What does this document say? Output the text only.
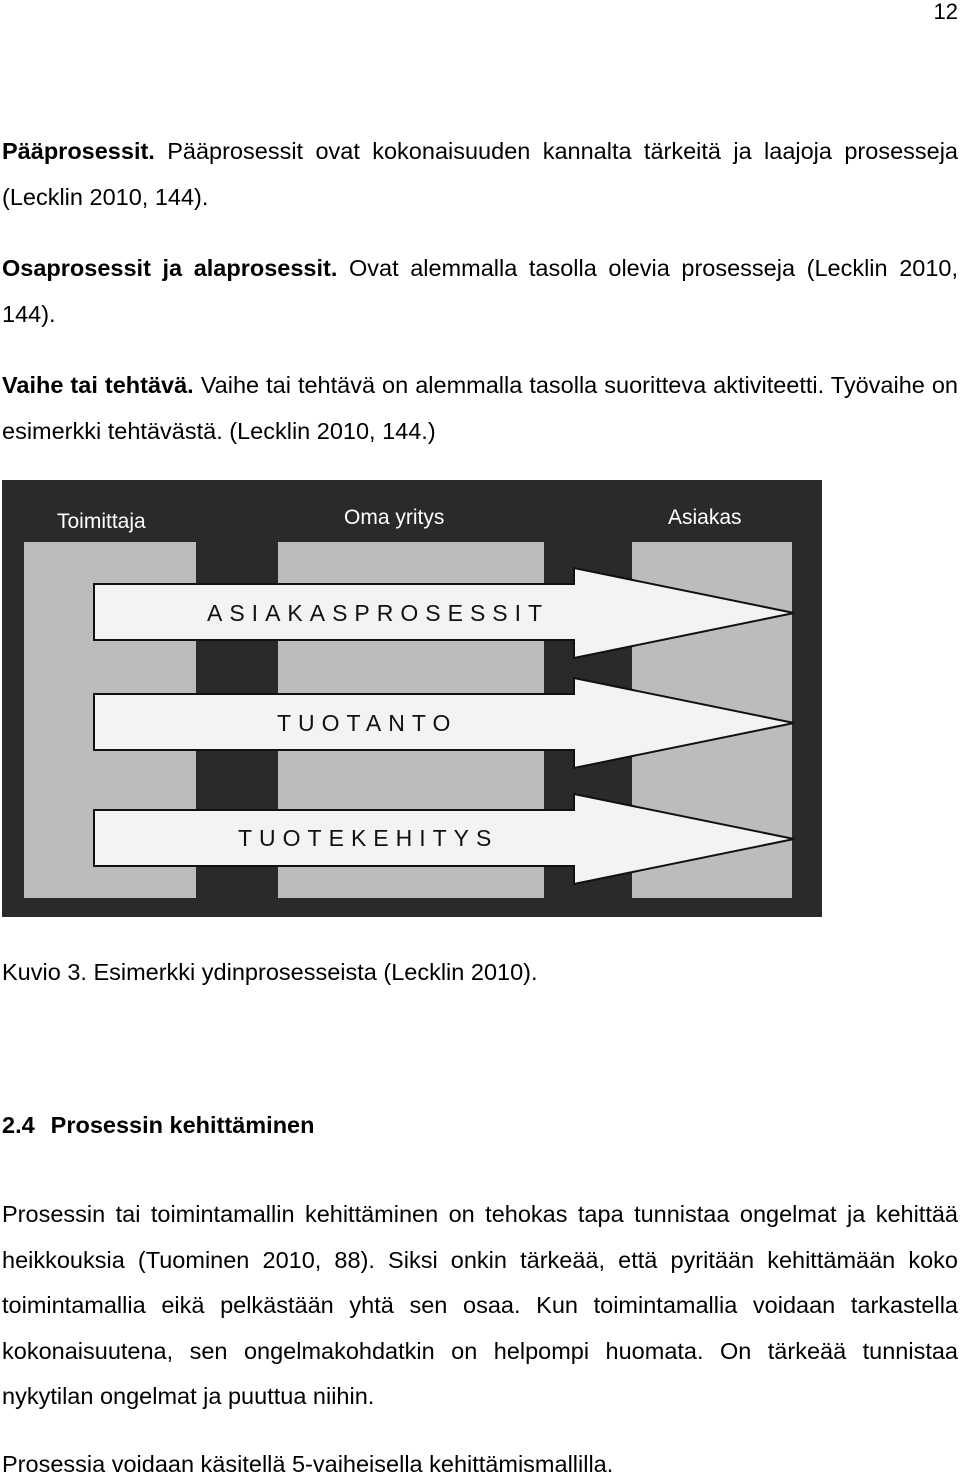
12

Pääprosessit. Pääprosessit ovat kokonaisuuden kannalta tärkeitä ja laajoja prosesseja (Lecklin 2010, 144).

Osaprosessit ja alaprosessit. Ovat alemmalla tasolla olevia prosesseja (Lecklin 2010, 144).

Vaihe tai tehtävä. Vaihe tai tehtävä on alemmalla tasolla suoritteva aktiviteetti. Työvaihe on esimerkki tehtävästä. (Lecklin 2010, 144.)

Toimittaja	Oma yritys	Asiakas
ASIAKASPROSESSIT
TUOTANTO
TUOTEKEHITYS

Kuvio 3. Esimerkki ydinprosesseista (Lecklin 2010).

2.4 Prosessin kehittäminen

Prosessin tai toimintamallin kehittäminen on tehokas tapa tunnistaa ongelmat ja kehittää heikkouksia (Tuominen 2010, 88). Siksi onkin tärkeää, että pyritään kehittämään koko toimintamallia eikä pelkästään yhtä sen osaa. Kun toimintamallia voidaan tarkastella kokonaisuutena, sen ongelmakohdatkin on helpompi huomata. On tärkeää tunnistaa nykytilan ongelmat ja puuttua niihin.

Prosessia voidaan käsitellä 5-vaiheisella kehittämismallilla.
